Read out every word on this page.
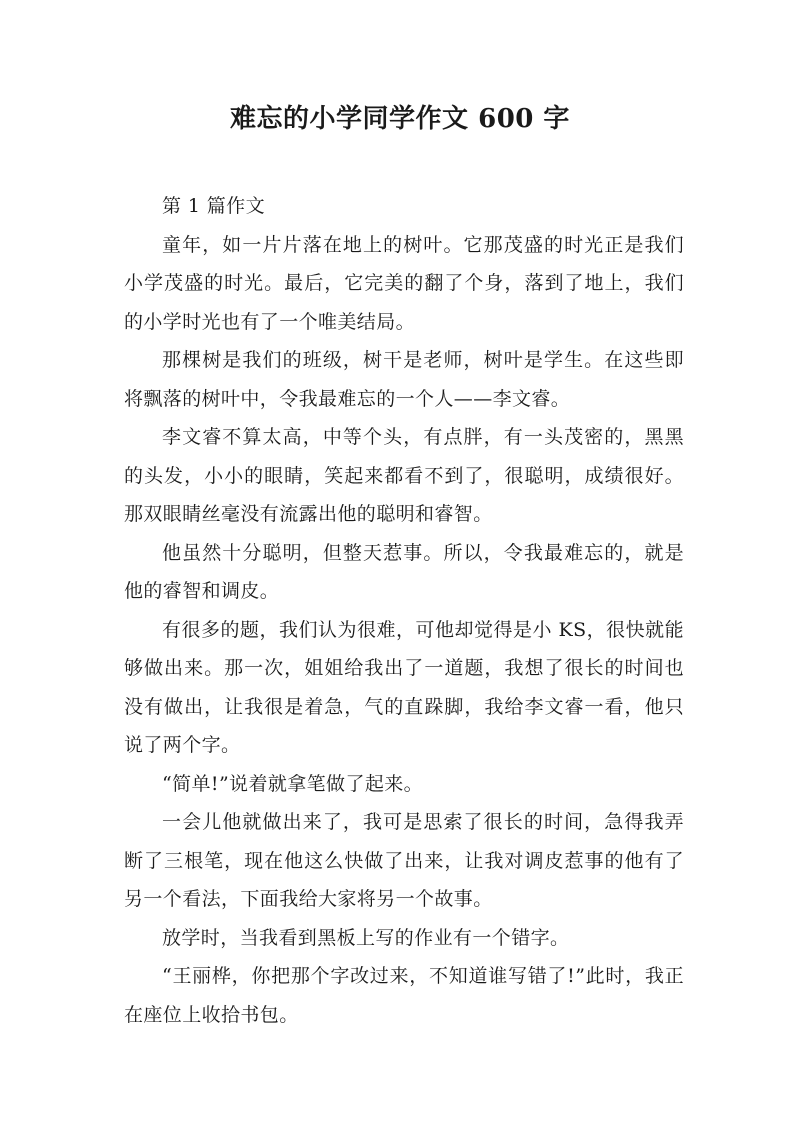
难忘的小学同学作文 600 字

第 1 篇作文

童年，如一片片落在地上的树叶。它那茂盛的时光正是我们小学茂盛的时光。最后，它完美的翻了个身，落到了地上，我们的小学时光也有了一个唯美结局。

那棵树是我们的班级，树干是老师，树叶是学生。在这些即将飘落的树叶中，令我最难忘的一个人——李文睿。

李文睿不算太高，中等个头，有点胖，有一头茂密的，黑黑的头发，小小的眼睛，笑起来都看不到了，很聪明，成绩很好。那双眼睛丝毫没有流露出他的聪明和睿智。

他虽然十分聪明，但整天惹事。所以，令我最难忘的，就是他的睿智和调皮。

有很多的题，我们认为很难，可他却觉得是小 KS，很快就能够做出来。那一次，姐姐给我出了一道题，我想了很长的时间也没有做出，让我很是着急，气的直跺脚，我给李文睿一看，他只说了两个字。

“简单!”说着就拿笔做了起来。

一会儿他就做出来了，我可是思索了很长的时间，急得我弄断了三根笔，现在他这么快做了出来，让我对调皮惹事的他有了另一个看法，下面我给大家将另一个故事。

放学时，当我看到黑板上写的作业有一个错字。

“王丽桦，你把那个字改过来，不知道谁写错了!”此时，我正在座位上收拾书包。
